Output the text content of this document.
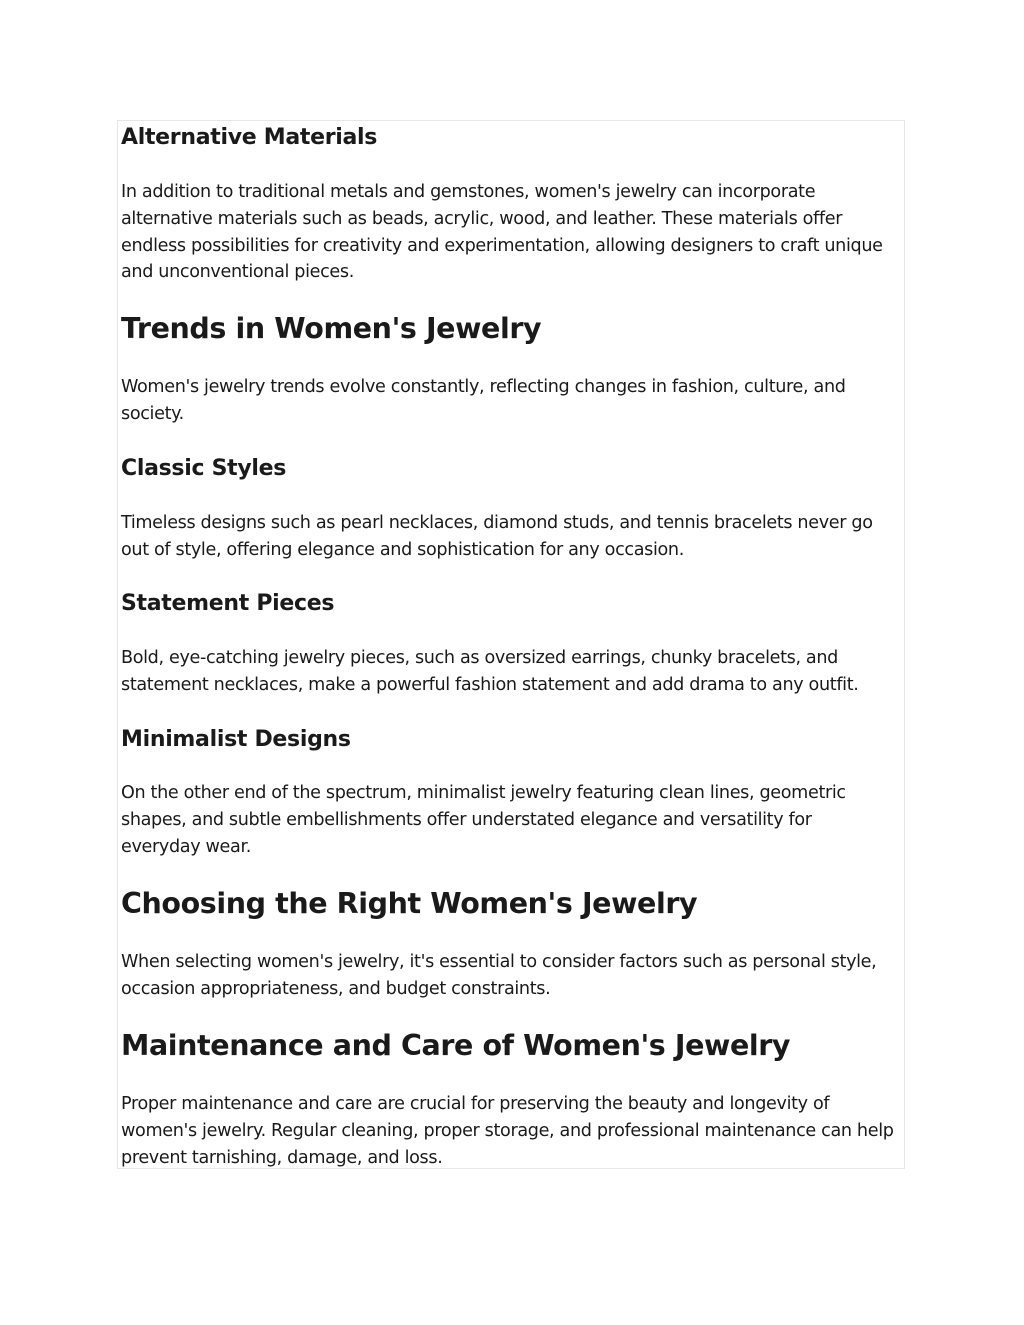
Alternative Materials

In addition to traditional metals and gemstones, women's jewelry can incorporate alternative materials such as beads, acrylic, wood, and leather. These materials offer endless possibilities for creativity and experimentation, allowing designers to craft unique and unconventional pieces.

Trends in Women's Jewelry

Women's jewelry trends evolve constantly, reflecting changes in fashion, culture, and society.

Classic Styles

Timeless designs such as pearl necklaces, diamond studs, and tennis bracelets never go out of style, offering elegance and sophistication for any occasion.

Statement Pieces

Bold, eye-catching jewelry pieces, such as oversized earrings, chunky bracelets, and statement necklaces, make a powerful fashion statement and add drama to any outfit.

Minimalist Designs

On the other end of the spectrum, minimalist jewelry featuring clean lines, geometric shapes, and subtle embellishments offer understated elegance and versatility for everyday wear.

Choosing the Right Women's Jewelry

When selecting women's jewelry, it's essential to consider factors such as personal style, occasion appropriateness, and budget constraints.

Maintenance and Care of Women's Jewelry

Proper maintenance and care are crucial for preserving the beauty and longevity of women's jewelry. Regular cleaning, proper storage, and professional maintenance can help prevent tarnishing, damage, and loss.
